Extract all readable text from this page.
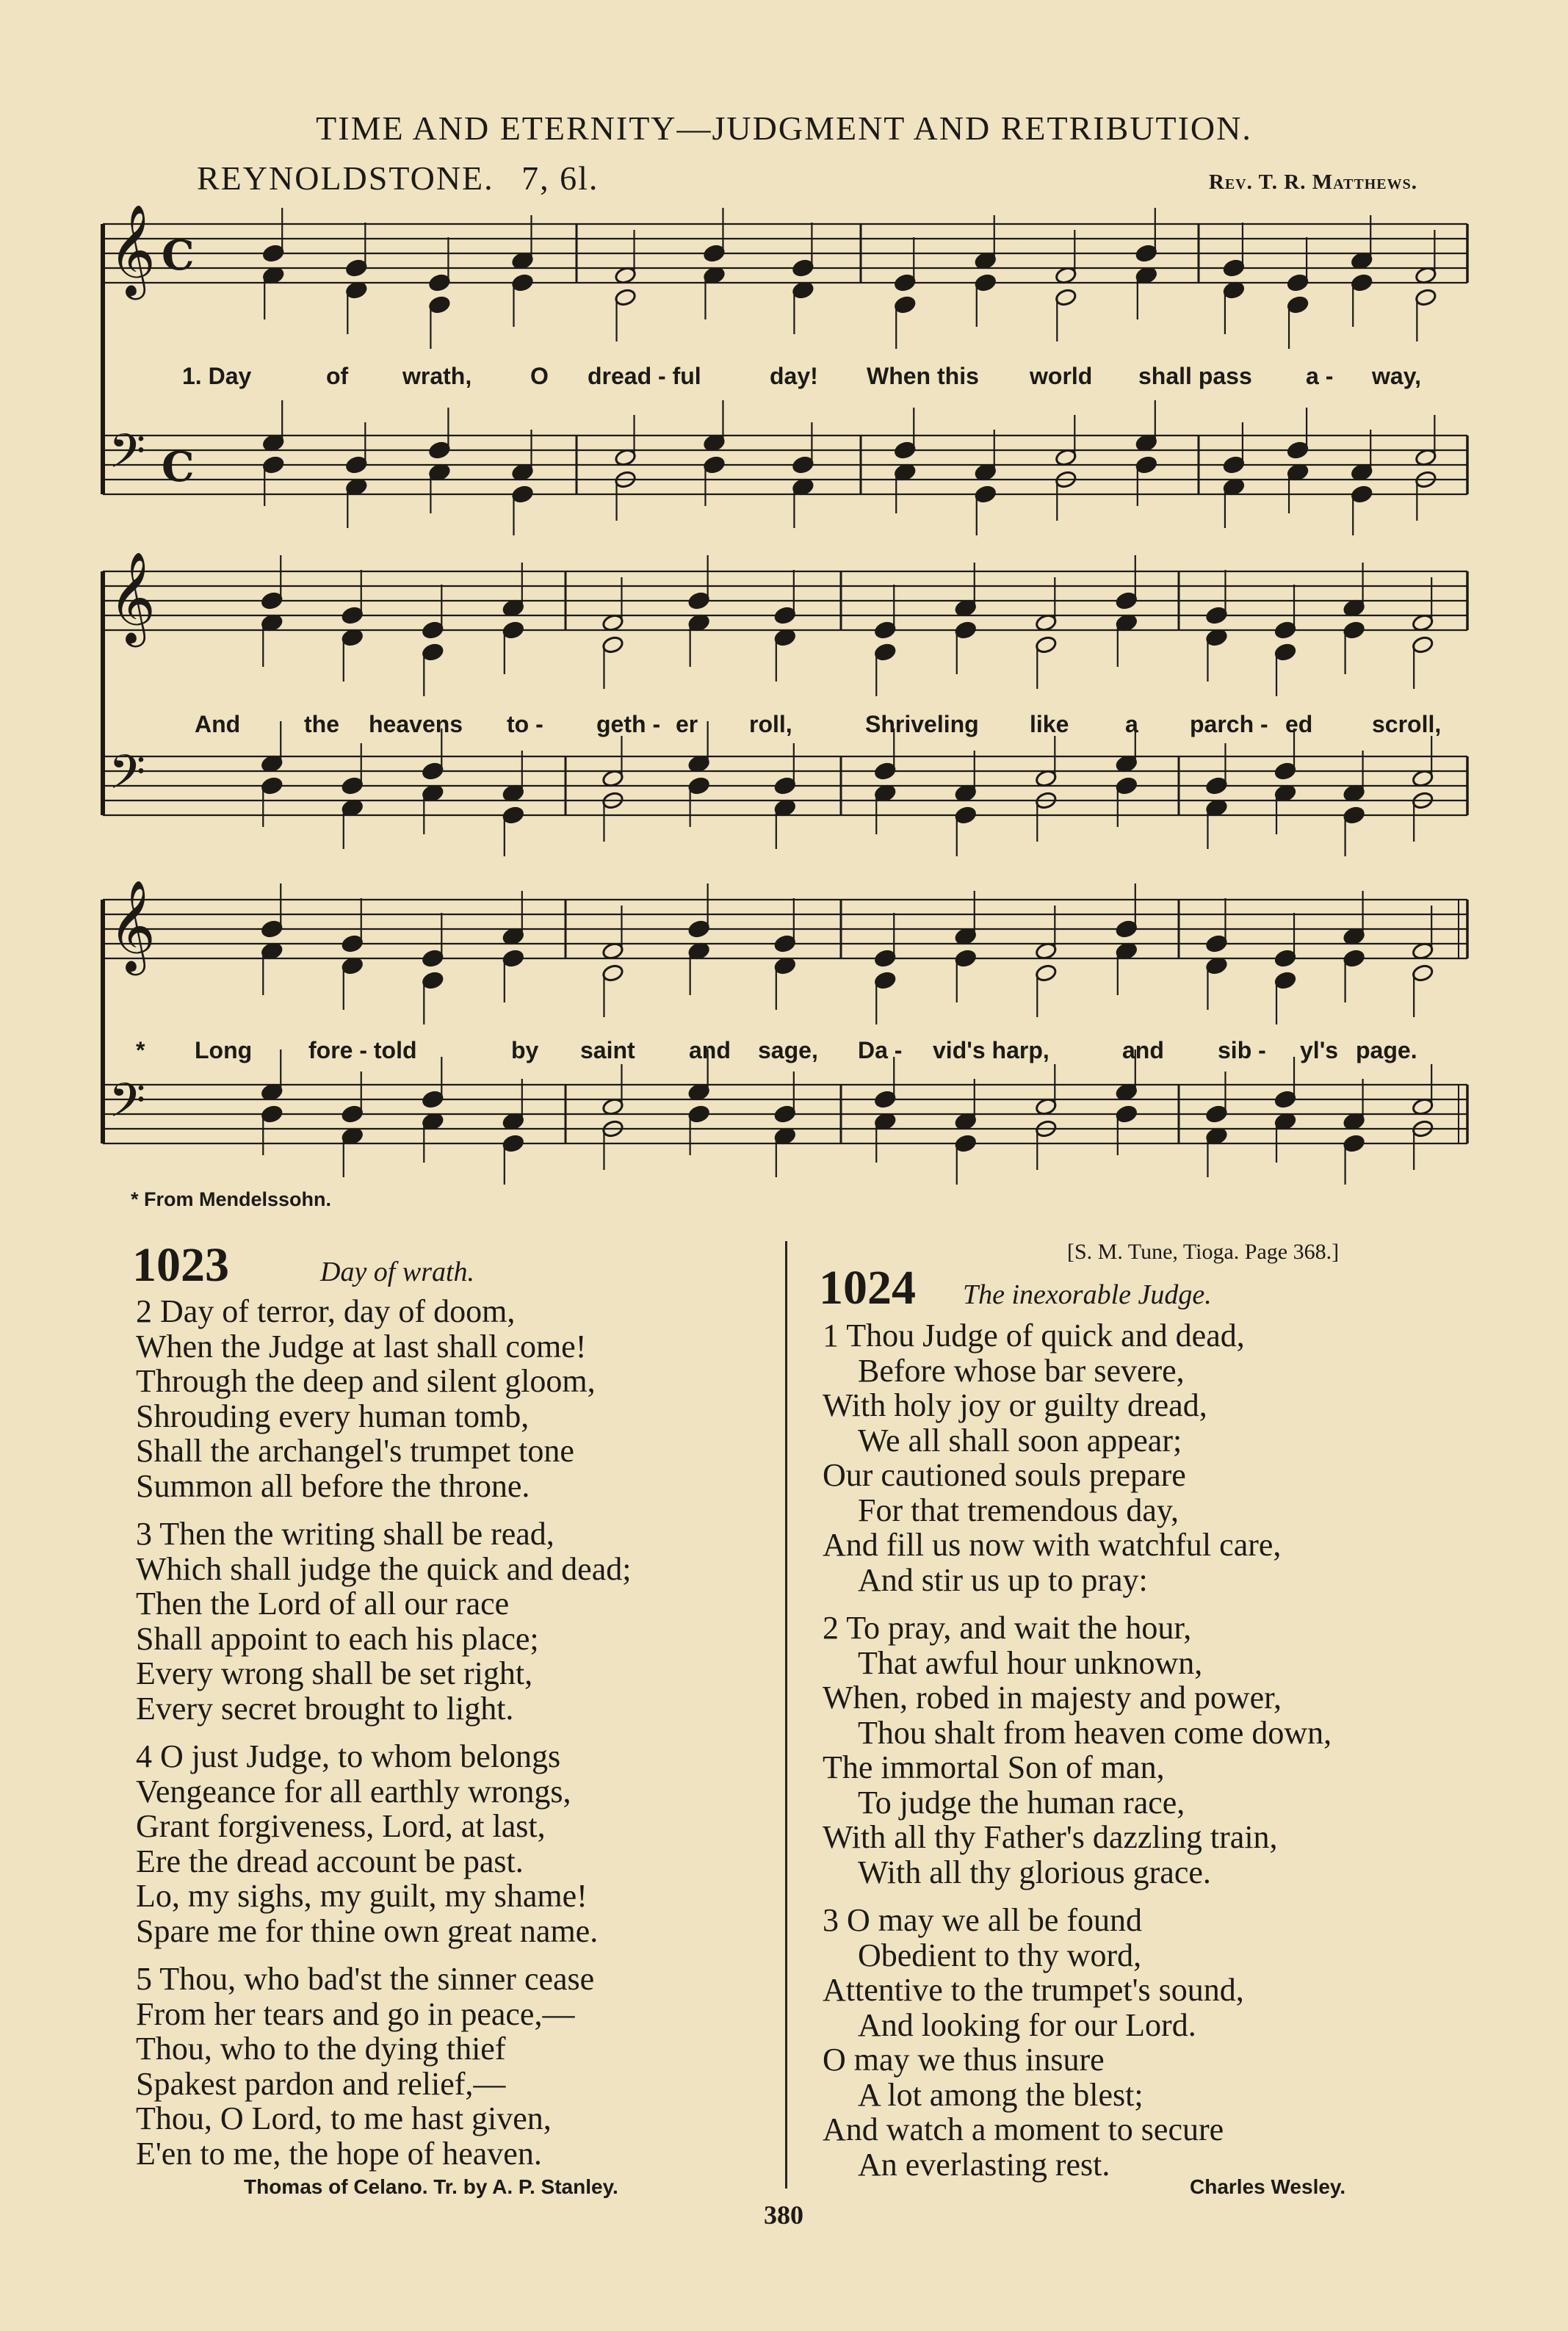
TIME AND ETERNITY—JUDGMENT AND RETRIBUTION.
REYNOLDSTONE. 7, 6l.	Rev. T. R. Matthews.
𝄞 C
𝄢 C
𝄞
𝄢
𝄞
𝄢
1. Day	of wrath, O dread - ful	day! When this world shall pass a - way,
And	the heavens to - geth - er roll,	Shriveling like a parch - ed	scroll,
* Long fore - told	by saint and sage, Da - vid's harp,	and sib - yl's page.
* From Mendelssohn.
1023	Day of wrath.
2 Day of terror, day of doom,
When the Judge at last shall come!
Through the deep and silent gloom,
Shrouding every human tomb,
Shall the archangel's trumpet tone
Summon all before the throne.
3 Then the writing shall be read,
Which shall judge the quick and dead;
Then the Lord of all our race
Shall appoint to each his place;
Every wrong shall be set right,
Every secret brought to light.
4 O just Judge, to whom belongs
Vengeance for all earthly wrongs,
Grant forgiveness, Lord, at last,
Ere the dread account be past.
Lo, my sighs, my guilt, my shame!
Spare me for thine own great name.
5 Thou, who bad'st the sinner cease
From her tears and go in peace,—
Thou, who to the dying thief
Spakest pardon and relief,—
Thou, O Lord, to me hast given,
E'en to me, the hope of heaven.
Thomas of Celano. Tr. by A. P. Stanley.
[S. M. Tune, Tioga. Page 368.]
1024 The inexorable Judge.
1 Thou Judge of quick and dead,
Before whose bar severe,
With holy joy or guilty dread,
We all shall soon appear;
Our cautioned souls prepare
For that tremendous day,
And fill us now with watchful care,
And stir us up to pray:
2 To pray, and wait the hour,
That awful hour unknown,
When, robed in majesty and power,
Thou shalt from heaven come down,
The immortal Son of man,
To judge the human race,
With all thy Father's dazzling train,
With all thy glorious grace.
3 O may we all be found
Obedient to thy word,
Attentive to the trumpet's sound,
And looking for our Lord.
O may we thus insure
A lot among the blest;
And watch a moment to secure
An everlasting rest.
Charles Wesley.
380
